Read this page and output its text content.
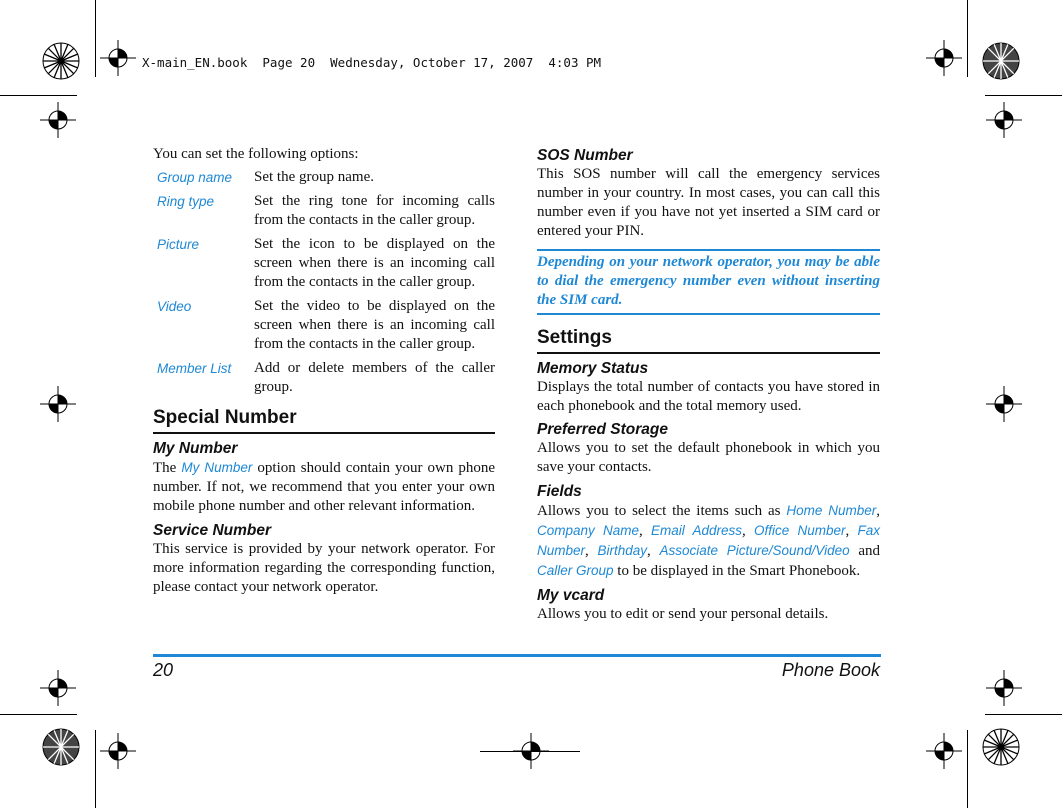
X-main_EN.book  Page 20  Wednesday, October 17, 2007  4:03 PM

You can set the following options:

Group name	Set the group name.
Ring type	Set the ring tone for incoming calls from the contacts in the caller group.
Picture	Set the icon to be displayed on the screen when there is an incoming call from the contacts in the caller group.
Video	Set the video to be displayed on the screen when there is an incoming call from the contacts in the caller group.
Member List	Add or delete members of the caller group.
Special Number
My Number

The My Number option should contain your own phone number. If not, we recommend that you enter your own mobile phone number and other relevant information.

Service Number

This service is provided by your network operator. For more information regarding the corresponding function, please contact your network operator.

SOS Number

This SOS number will call the emergency services number in your country. In most cases, you can call this number even if you have not yet inserted a SIM card or entered your PIN.

Depending on your network operator, you may be able to dial the emergency number even without inserting the SIM card.
Settings
Memory Status

Displays the total number of contacts you have stored in each phonebook and the total memory used.

Preferred Storage

Allows you to set the default phonebook in which you save your contacts.

Fields

Allows you to select the items such as Home Number, Company Name, Email Address, Office Number, Fax Number, Birthday, Associate Picture/Sound/Video and Caller Group to be displayed in the Smart Phonebook.

My vcard

Allows you to edit or send your personal details.

20	Phone Book
